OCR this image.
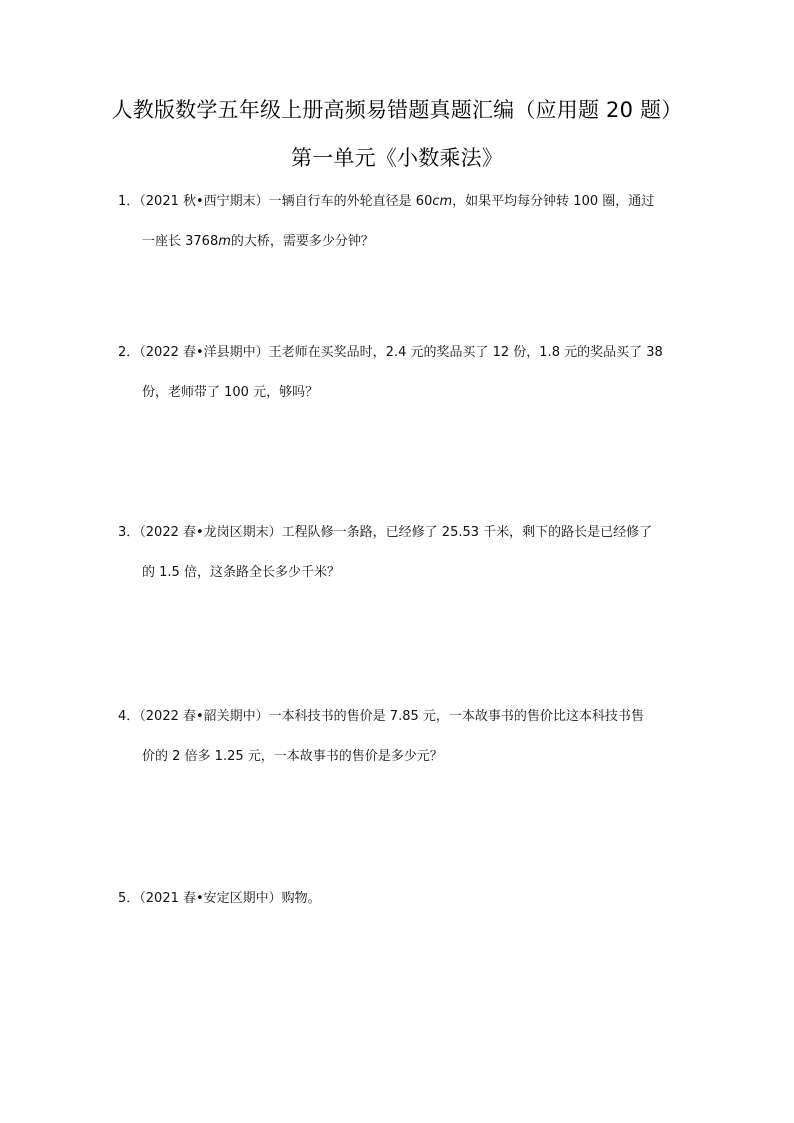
人教版数学五年级上册高频易错题真题汇编（应用题 20 题）
第一单元《小数乘法》
1．（2021 秋•西宁期末）一辆自行车的外轮直径是 60cm，如果平均每分钟转 100 圈，通过
一座长 3768m的大桥，需要多少分钟？
2．（2022 春•洋县期中）王老师在买奖品时，2.4 元的奖品买了 12 份，1.8 元的奖品买了 38
份，老师带了 100 元，够吗？
3．（2022 春•龙岗区期末）工程队修一条路，已经修了 25.53 千米，剩下的路长是已经修了
的 1.5 倍，这条路全长多少千米？
4．（2022 春•韶关期中）一本科技书的售价是 7.85 元，一本故事书的售价比这本科技书售
价的 2 倍多 1.25 元，一本故事书的售价是多少元？
5．（2021 春•安定区期中）购物。
